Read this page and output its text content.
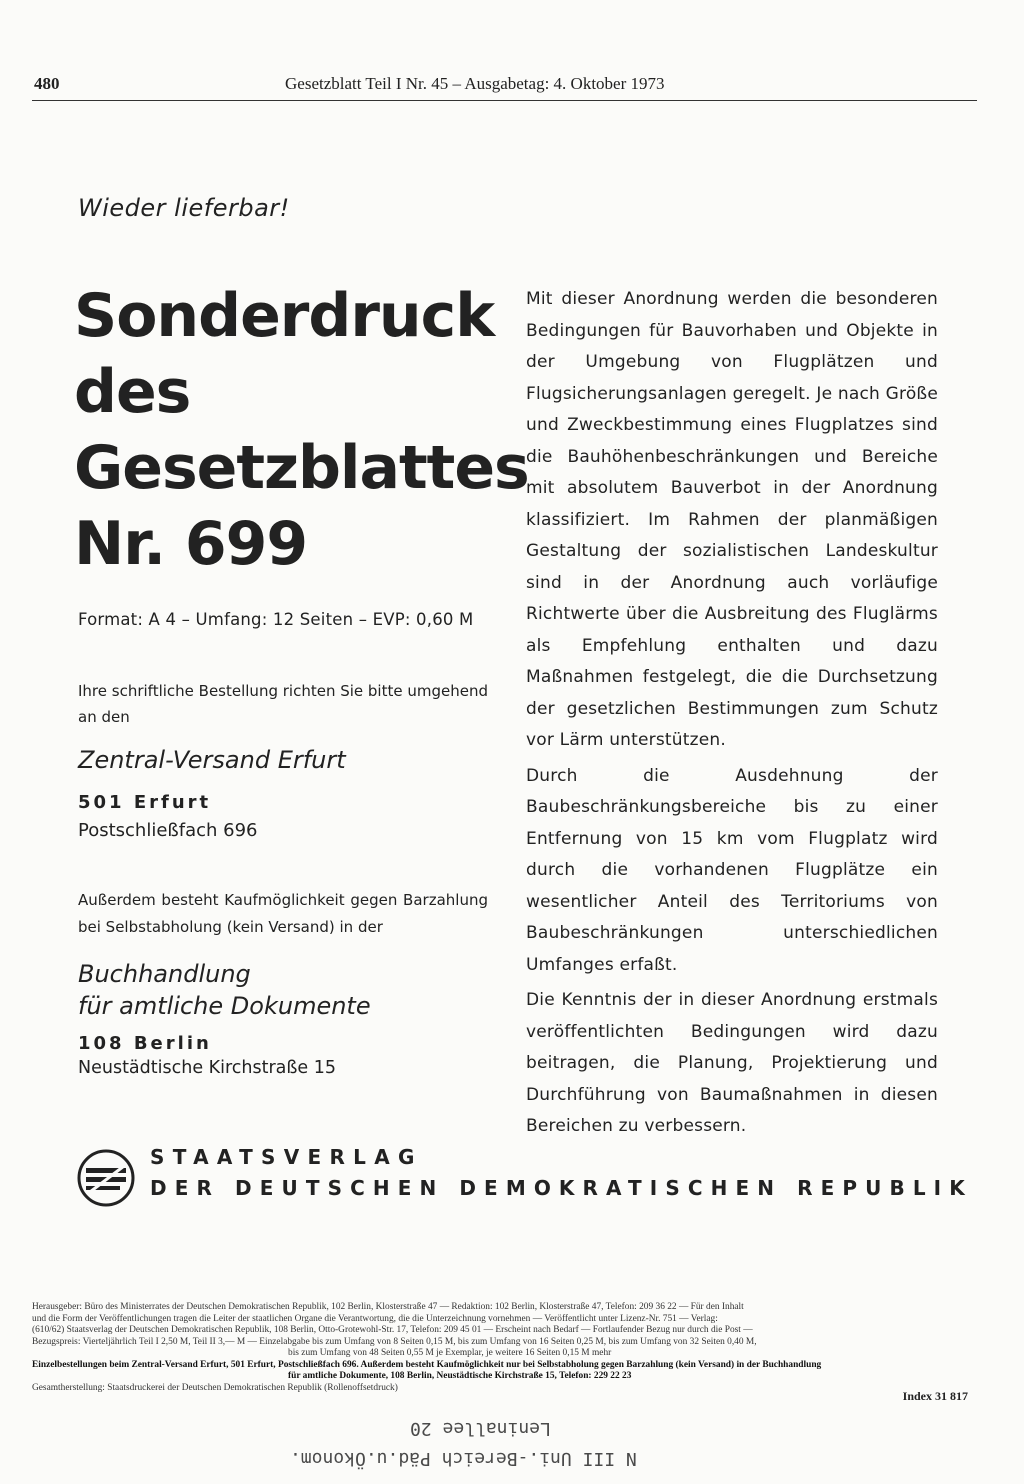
480	Gesetzblatt Teil I Nr. 45 – Ausgabetag: 4. Oktober 1973
Wieder lieferbar!
Sonderdruck
des
Gesetzblattes
Nr. 699
Format: A 4 – Umfang: 12 Seiten – EVP: 0,60 M
Ihre schriftliche Bestellung richten Sie bitte umgehend an den
Zentral-Versand Erfurt
501 Erfurt
Postschließfach 696
Außerdem besteht Kaufmöglichkeit gegen Barzahlung bei Selbstabholung (kein Versand) in der
Buchhandlung
für amtliche Dokumente
108 Berlin
Neustädtische Kirchstraße 15

Mit dieser Anordnung werden die besonderen Bedingungen für Bauvorhaben und Objekte in der Umgebung von Flugplätzen und Flugsicherungsanlagen geregelt. Je nach Größe und Zweckbestimmung eines Flugplatzes sind die Bauhöhenbeschränkungen und Bereiche mit absolutem Bauverbot in der Anordnung klassifiziert. Im Rahmen der planmäßigen Gestaltung der sozialistischen Landeskultur sind in der Anordnung auch vorläufige Richtwerte über die Ausbreitung des Fluglärms als Empfehlung enthalten und dazu Maßnahmen festgelegt, die die Durchsetzung der gesetzlichen Bestimmungen zum Schutz vor Lärm unterstützen.

Durch die Ausdehnung der Baubeschränkungsbereiche bis zu einer Entfernung von 15 km vom Flugplatz wird durch die vorhandenen Flugplätze ein wesentlicher Anteil des Territoriums von Baubeschränkungen unterschiedlichen Umfanges erfaßt.

Die Kenntnis der in dieser Anordnung erstmals veröffentlichten Bedingungen wird dazu beitragen, die Planung, Projektierung und Durchführung von Baumaßnahmen in diesen Bereichen zu verbessern.

STAATSVERLAG
DER DEUTSCHEN DEMOKRATISCHEN REPUBLIK
Herausgeber: Büro des Ministerrates der Deutschen Demokratischen Republik, 102 Berlin, Klosterstraße 47 — Redaktion: 102 Berlin, Klosterstraße 47, Telefon: 209 36 22 — Für den Inhalt
und die Form der Veröffentlichungen tragen die Leiter der staatlichen Organe die Verantwortung, die die Unterzeichnung vornehmen — Veröffentlicht unter Lizenz-Nr. 751 — Verlag:
(610/62) Staatsverlag der Deutschen Demokratischen Republik, 108 Berlin, Otto-Grotewohl-Str. 17, Telefon: 209 45 01 — Erscheint nach Bedarf — Fortlaufender Bezug nur durch die Post —
Bezugspreis: Vierteljährlich Teil I 2,50 M, Teil II 3,— M — Einzelabgabe bis zum Umfang von 8 Seiten 0,15 M, bis zum Umfang von 16 Seiten 0,25 M, bis zum Umfang von 32 Seiten 0,40 M,
bis zum Umfang von 48 Seiten 0,55 M je Exemplar, je weitere 16 Seiten 0,15 M mehr
Einzelbestellungen beim Zentral-Versand Erfurt, 501 Erfurt, Postschließfach 696. Außerdem besteht Kaufmöglichkeit nur bei Selbstabholung gegen Barzahlung (kein Versand) in der Buchhandlung
für amtliche Dokumente, 108 Berlin, Neustädtische Kirchstraße 15, Telefon: 229 22 23
Gesamtherstellung: Staatsdruckerei der Deutschen Demokratischen Republik (Rollenoffsetdruck)
Index 31 817
Leninallee 20
N III Uni.-Bereich Päd.u.Ökonom.
